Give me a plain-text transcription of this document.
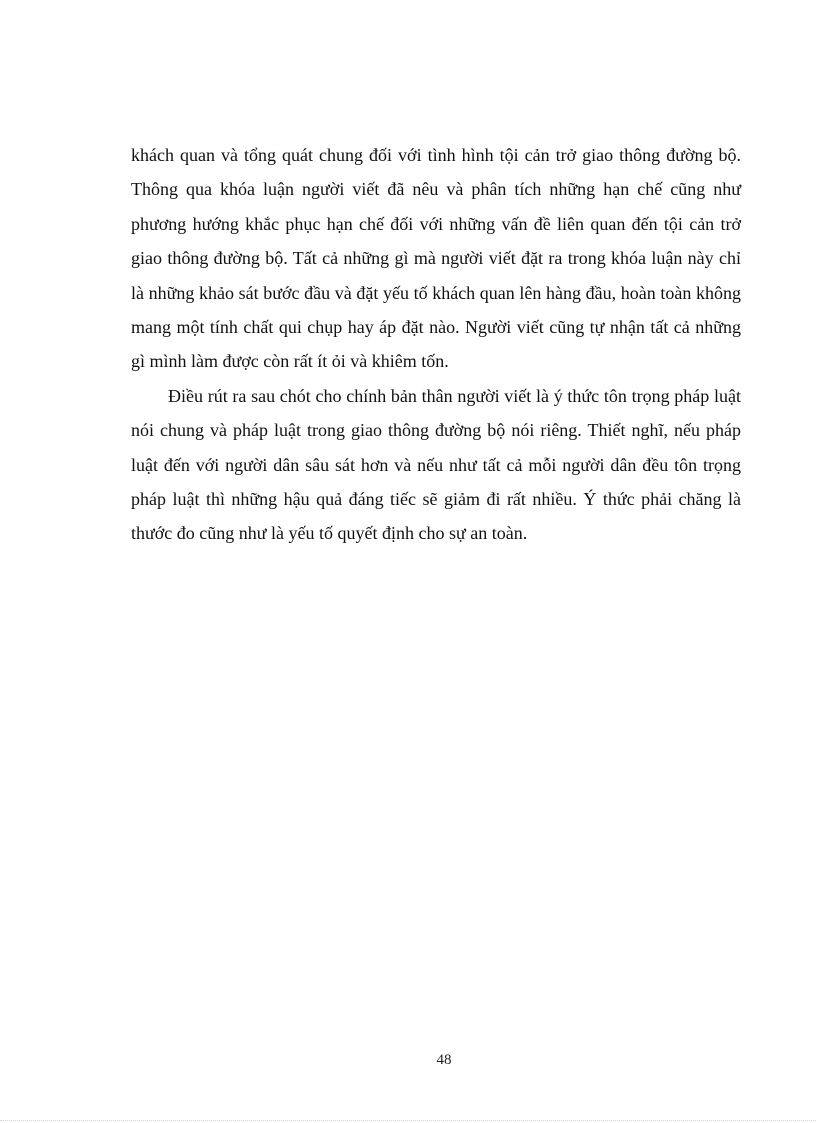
khách quan và tổng quát chung đối với tình hình tội cản trở giao thông đường bộ. Thông qua khóa luận người viết đã nêu và phân tích những hạn chế cũng như phương hướng khắc phục hạn chế đối với những vấn đề liên quan đến tội cản trở giao thông đường bộ. Tất cả những gì mà người viết đặt ra trong khóa luận này chỉ là những khảo sát bước đầu và đặt yếu tố khách quan lên hàng đầu, hoàn toàn không mang một tính chất qui chụp hay áp đặt nào. Người viết cũng tự nhận tất cả những gì mình làm được còn rất ít ỏi và khiêm tốn.

Điều rút ra sau chót cho chính bản thân người viết là ý thức tôn trọng pháp luật nói chung và pháp luật trong giao thông đường bộ nói riêng. Thiết nghĩ, nếu pháp luật đến với người dân sâu sát hơn và nếu như tất cả mỗi người dân đều tôn trọng pháp luật thì những hậu quả đáng tiếc sẽ giảm đi rất nhiều. Ý thức phải chăng là thước đo cũng như là yếu tố quyết định cho sự an toàn.

48
